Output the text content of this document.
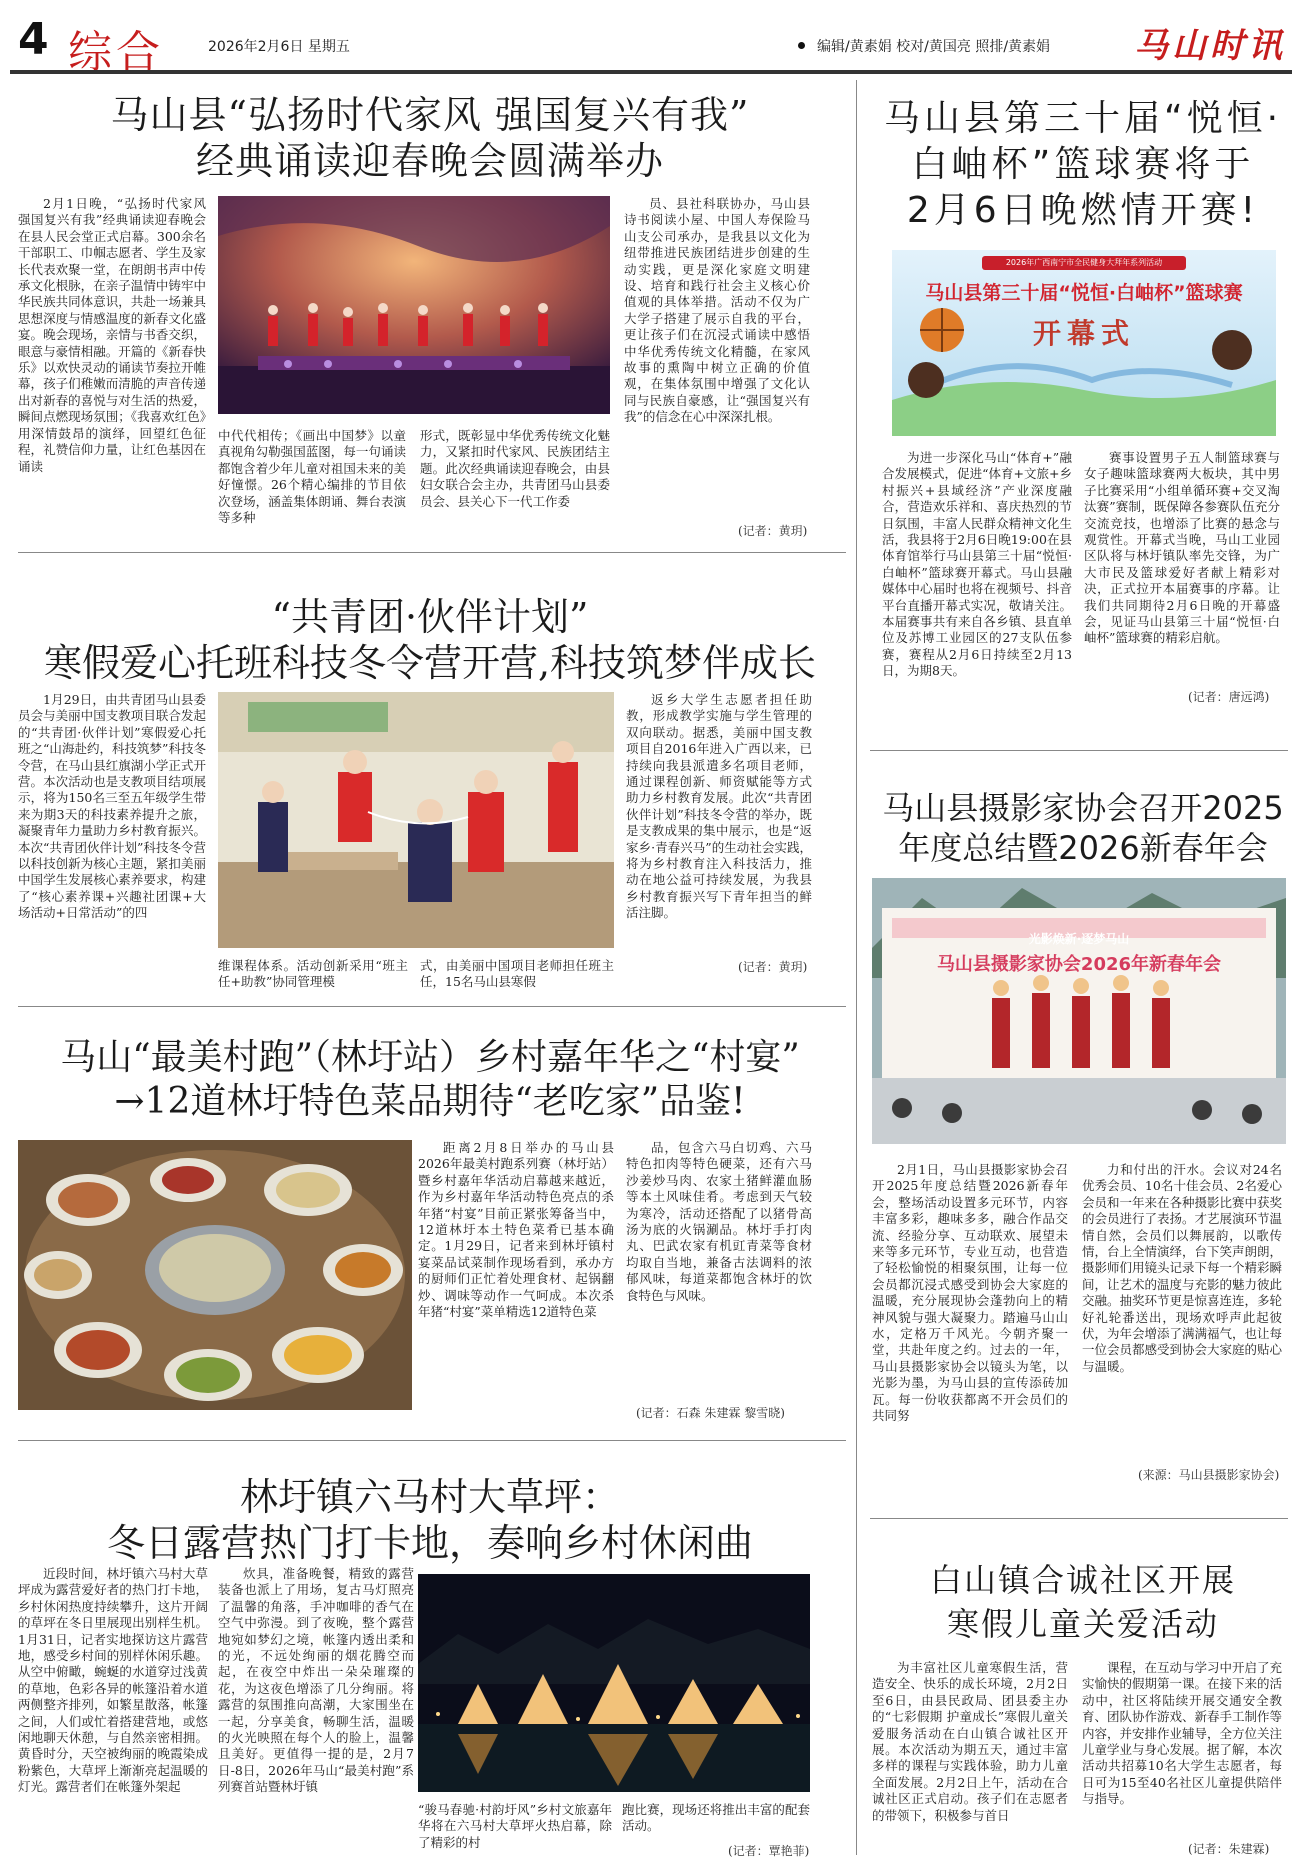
4 综合	2026年2月6日 星期五	编辑/黄素娟 校对/黄国亮 照排/黄素娟 马山时讯
马山县“弘扬时代家风 强国复兴有我”
经典诵读迎春晚会圆满举办

2月1日晚，“弘扬时代家风 强国复兴有我”经典诵读迎春晚会在县人民会堂正式启幕。300余名干部职工、巾帼志愿者、学生及家长代表欢聚一堂，在朗朗书声中传承文化根脉，在亲子温情中铸牢中华民族共同体意识，共赴一场兼具思想深度与情感温度的新春文化盛宴。晚会现场，亲情与书香交织，眼意与豪情相融。开篇的《新春快乐》以欢快灵动的诵读节奏拉开帷幕，孩子们稚嫩而清脆的声音传递出对新春的喜悦与对生活的热爱，瞬间点燃现场氛围；《我喜欢红色》用深情鼓昂的演绎，回望红色征程，礼赞信仰力量，让红色基因在诵读

中代代相传；《画出中国梦》以童真视角勾勒强国蓝图，每一句诵读都饱含着少年儿童对祖国未来的美好憧憬。26个精心编排的节目依次登场，涵盖集体朗诵、舞台表演等多种

形式，既彰显中华优秀传统文化魅力，又紧扣时代家风、民族团结主题。此次经典诵读迎春晚会，由县妇女联合会主办，共青团马山县委员会、县关心下一代工作委

员、县社科联协办，马山县诗书阅读小屋、中国人寿保险马山支公司承办，是我县以文化为纽带推进民族团结进步创建的生动实践，更是深化家庭文明建设、培育和践行社会主义核心价值观的具体举措。活动不仅为广大学子搭建了展示自我的平台，更让孩子们在沉浸式诵读中感悟中华优秀传统文化精髓，在家风故事的熏陶中树立正确的价值观，在集体氛围中增强了文化认同与民族自豪感，让“强国复兴有我”的信念在心中深深扎根。

(记者：黄玥)
“共青团·伙伴计划”
寒假爱心托班科技冬令营开营,科技筑梦伴成长

1月29日，由共青团马山县委员会与美丽中国支教项目联合发起的“共青团·伙伴计划”寒假爱心托班之“山海赴约，科技筑梦”科技冬令营，在马山县红旗湖小学正式开营。本次活动也是支教项目结项展示，将为150名三至五年级学生带来为期3天的科技素养提升之旅，凝聚青年力量助力乡村教育振兴。本次“共青团伙伴计划”科技冬令营以科技创新为核心主题，紧扣美丽中国学生发展核心素养要求，构建了“核心素养课+兴趣社团课+大场活动+日常活动”的四

维课程体系。活动创新采用“班主任+助教”协同管理模

式，由美丽中国项目老师担任班主任，15名马山县寒假

返乡大学生志愿者担任助教，形成教学实施与学生管理的双向联动。据悉，美丽中国支教项目自2016年进入广西以来，已持续向我县派遣多名项目老师，通过课程创新、师资赋能等方式助力乡村教育发展。此次“共青团伙伴计划”科技冬令营的举办，既是支教成果的集中展示，也是“返家乡·青春兴马”的生动社会实践，将为乡村教育注入科技活力，推动在地公益可持续发展，为我县乡村教育振兴写下青年担当的鲜活注脚。

(记者：黄玥)
马山“最美村跑”（林圩站）乡村嘉年华之“村宴”
→12道林圩特色菜品期待“老吃家”品鉴!

距离2月8日举办的马山县2026年最美村跑系列赛（林圩站）暨乡村嘉年华活动启幕越来越近，作为乡村嘉年华活动特色亮点的杀年猪“村宴”目前正紧张筹备当中，12道林圩本土特色菜肴已基本确定。1月29日，记者来到林圩镇村宴菜品试菜制作现场看到，承办方的厨师们正忙着处理食材、起锅翻炒、调味等动作一气呵成。本次杀年猪“村宴”菜单精选12道特色菜

品，包含六马白切鸡、六马特色扣肉等特色硬菜，还有六马沙姜炒马肉、农家土猪鲜灌血肠等本土风味佳肴。考虑到天气较为寒冷，活动还搭配了以猪骨高汤为底的火锅涮品。林圩手打肉丸、巴武农家有机豇青菜等食材均取自当地，兼备古法调料的浓郁风味，每道菜都饱含林圩的饮食特色与风味。

(记者：石森 朱建霖 黎雪晓)
林圩镇六马村大草坪：
冬日露营热门打卡地，奏响乡村休闲曲

近段时间，林圩镇六马村大草坪成为露营爱好者的热门打卡地，乡村休闲热度持续攀升，这片开阔的草坪在冬日里展现出别样生机。1月31日，记者实地探访这片露营地，感受乡村间的别样休闲乐趣。从空中俯瞰，蜿蜒的水道穿过浅黄的草地，色彩各异的帐篷沿着水道两侧整齐排列，如繁星散落，帐篷之间，人们或忙着搭建营地，或悠闲地聊天休憩，与自然亲密相拥。黄昏时分，天空被绚丽的晚霞染成粉紫色，大草坪上渐渐亮起温暖的灯光。露营者们在帐篷外架起

炊具，准备晚餐，精致的露营装备也派上了用场，复古马灯照亮了温馨的角落，手冲咖啡的香气在空气中弥漫。到了夜晚，整个露营地宛如梦幻之境，帐篷内透出柔和的光，不远处绚丽的烟花腾空而起，在夜空中炸出一朵朵璀璨的花，为这夜色增添了几分绚丽。将露营的氛围推向高潮，大家围坐在一起，分享美食，畅聊生活，温暖的火光映照在每个人的脸上，温馨且美好。更值得一提的是，2月7日-8日，2026年马山“最美村跑”系列赛首站暨林圩镇

“骏马春驰·村韵圩风”乡村文旅嘉年华将在六马村大草坪火热启幕，除了精彩的村

跑比赛，现场还将推出丰富的配套活动。

(记者：覃艳菲)
马山县第三十届“悦恒·
白岫杯”篮球赛将于
2月6日晚燃情开赛!
2026年广西南宁市全民健身大拜年系列活动
马山县第三十届“悦恒·白岫杯”篮球赛
开幕式

为进一步深化马山“体育+”融合发展模式，促进“体育+文旅+乡村振兴+县域经济”产业深度融合，营造欢乐祥和、喜庆热烈的节日氛围，丰富人民群众精神文化生活，我县将于2月6日晚19:00在县体育馆举行马山县第三十届“悦恒·白岫杯”篮球赛开幕式。马山县融媒体中心届时也将在视频号、抖音平台直播开幕式实况，敬请关注。本届赛事共有来自各乡镇、县直单位及苏博工业园区的27支队伍参赛，赛程从2月6日持续至2月13日，为期8天。

赛事设置男子五人制篮球赛与女子趣味篮球赛两大板块，其中男子比赛采用“小组单循环赛+交叉淘汰赛”赛制，既保障各参赛队伍充分交流竞技，也增添了比赛的悬念与观赏性。开幕式当晚，马山工业园区队将与林圩镇队率先交锋，为广大市民及篮球爱好者献上精彩对决，正式拉开本届赛事的序幕。让我们共同期待2月6日晚的开幕盛会，见证马山县第三十届“悦恒·白岫杯”篮球赛的精彩启航。

(记者：唐远鸿)
马山县摄影家协会召开2025
年度总结暨2026新春年会
光影焕新·逐梦马山
马山县摄影家协会2026年新春年会

2月1日，马山县摄影家协会召开2025年度总结暨2026新春年会，整场活动设置多元环节，内容丰富多彩，趣味多多，融合作品交流、经验分享、互动联欢、展望未来等多元环节，专业互动，也营造了轻松愉悦的相聚氛围，让每一位会员都沉浸式感受到协会大家庭的温暖，充分展现协会蓬勃向上的精神风貌与强大凝聚力。踏遍马山山水，定格万千风光。今朝齐聚一堂，共赴年度之约。过去的一年，马山县摄影家协会以镜头为笔，以光影为墨，为马山县的宣传添砖加瓦。每一份收获都离不开会员们的共同努

力和付出的汗水。会议对24名优秀会员、10名十佳会员、2名爱心会员和一年来在各种摄影比赛中获奖的会员进行了表扬。才艺展演环节温情自然，会员们以舞展韵，以歌传情，台上全情演绎，台下笑声朗朗，摄影师们用镜头记录下每一个精彩瞬间，让艺术的温度与充影的魅力彼此交融。抽奖环节更是惊喜连连，多轮好礼轮番送出，现场欢呼声此起彼伏，为年会增添了满满福气，也让每一位会员都感受到协会大家庭的贴心与温暖。

(来源：马山县摄影家协会)
白山镇合诚社区开展
寒假儿童关爱活动

为丰富社区儿童寒假生活，营造安全、快乐的成长环境，2月2日至6日，由县民政局、团县委主办的“七彩假期 护童成长”寒假儿童关爱服务活动在白山镇合诚社区开展。本次活动为期五天，通过丰富多样的课程与实践体验，助力儿童全面发展。2月2日上午，活动在合诚社区正式启动。孩子们在志愿者的带领下，积极参与首日

课程，在互动与学习中开启了充实愉快的假期第一课。在接下来的活动中，社区将陆续开展交通安全教育、团队协作游戏、新春手工制作等内容，并安排作业辅导，全方位关注儿童学业与身心发展。据了解，本次活动共招募10名大学生志愿者，每日可为15至40名社区儿童提供陪伴与指导。

(记者：朱建霖)
